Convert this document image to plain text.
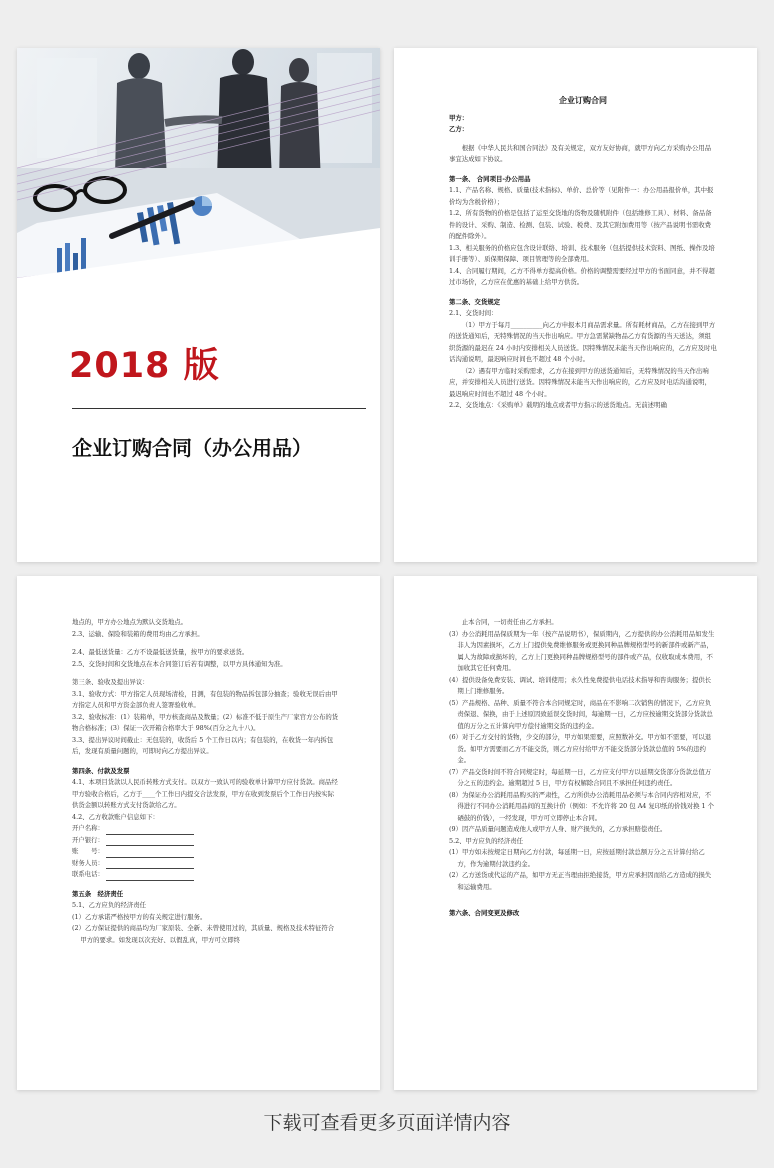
2018 版
企业订购合同（办公用品）
企业订购合同

甲方：

乙方：

根据《中华人民共和国合同法》及有关规定，双方友好协商，就甲方向乙方采购办公用品事宜达成如下协议。

第一条、 合同项目-办公用品

1.1、产品名称、规格、质量(技术指标)、单价、总价等（见附件一：办公用品报价单，其中报价均为含税价格）；

1.2、所有货物的价格是包括了运至交货地的货物及随机附件（包括维修工具）、材料、备品备件的设计、采购、制造、检测、包装、试验、税费、及其它附加费用等（按产品说明书需收费的配件除外）。

1.3、相关服务的价格应包含设计联络、培训、技术服务（包括提供技术资料、图纸、操作及培训手册等）、质保期保障、项目管理等的全部费用。

1.4、合同履行期间，乙方不得单方提高价格。价格的调整需要经过甲方的书面同意，并不得超过市场价，乙方应在优惠的基础上给甲方供货。

第二条、交货规定

2.1、交货时间：

（1）甲方于每月__________向乙方申报本月商品需求量。所有耗材商品，乙方在接到甲方的送货通知后，无特殊情况的当天作出响应。甲方急需紧缺物品乙方有货源的当天送达，须组织货源的最迟在 24 小时内安排相关人员送货。因特殊情况未能当天作出响应的，乙方应及时电话沟通说明，最迟响应时间也不超过 48 个小时。

（2）遇有甲方临时采购需求，乙方在接到甲方的送货通知后，无特殊情况的当天作出响应，并安排相关人员进行送货。因特殊情况未能当天作出响应的，乙方应及时电话沟通说明，最迟响应时间也不超过 48 个小时。

2.2、交货地点：《采购单》载明的地点或者甲方指示的送货地点。无前述明确

地点的，甲方办公地点为默认交货地点。

2.3、运输、保险和装箱的费用均由乙方承担。

2.4、最低送货量：乙方不设最低送货量，按甲方的要求送货。

2.5、交货时间和交货地点在本合同签订后若有调整，以甲方具体通知为准。

第三条、验收及提出异议：

3.1、验收方式：甲方指定人员现场清检，目测，有包装的物品拆包部分抽查；验收无误后由甲方指定人员和甲方资金部负责人签署验收单。

3.2、验收标准：(1）装箱单，甲方核查商品及数量；(2）标准不低于原生产厂家官方公布的货物合格标准；(3）保证一次开箱合格率大于 98%(百分之九十八)。

3.3、提出异议时间截止：无包装的，收货后 5 个工作日以内；有包装的，在收货一年内拆包后，发现有质量问题的，可即时向乙方提出异议。

第四条、付款及发票

4.1、本项目货款以人民币转账方式支付。以双方一致认可的验收单计算甲方应付货款。商品经甲方验收合格后，乙方于____个工作日内提交合法发票，甲方在收到发票后个工作日内按实际供货金额以转账方式支付货款给乙方。

4.2、乙方收款账户信息如下：

开户名称：
开户银行：
账　　号：
财务人员：
联系电话：

第五条　经济责任

5.1、乙方应负的经济责任

(1）乙方承诺严格按甲方的有关规定进行服务。

(2）乙方保证提供的商品均为厂家原装、全新、未曾使用过的，其质量、规格及技术特征符合甲方的要求。如发现以次充好、以假乱真，甲方可立即终

止本合同，一切责任由乙方承担。

(3）办公消耗用品保质期为一年（按产品说明书），保质期内，乙方提供的办公消耗用品如发生非人为因素损坏，乙方上门提供免费维修服务或更换同种品牌规格型号的新部件或新产品，属人为故障或损坏的，乙方上门更换同种品牌规格型号的部件或产品，仅收取成本费用，不加收其它任何费用。

(4）提供设备免费安装、调试、培训使用；永久性免费提供电话技术指导和咨询服务；提供长期上门维修服务。

(5）产品规格、品种、质量不符合本合同规定时，商品在不影响二次销售的情况下，乙方应负责保退、保换，由于上述原因致延误交货时间，每逾期一日，乙方应按逾期交货部分货款总值的万分之五计算向甲方偿付逾期交货的违约金。

(6）对于乙方交付的货物，少交的部分，甲方如果需要，应照数补交。甲方如不需要，可以退货。如甲方需要而乙方不能交货，则乙方应付给甲方不能交货部分货款总值的 5%的违约金。

(7）产品交货时间不符合同规定时，每延期一日，乙方应支付甲方以延期交货部分货款总值万分之五的违约金。逾期超过 5 日，甲方有权解除合同且不承担任何违约责任。

(8）为保证办公消耗用品购买的严肃性，乙方所供办公消耗用品必须与本合同内容相对应，不得进行不同办公消耗用品间的互换计价（例如：不允许将 20 包 A4 复印纸的价钱对换 1 个硒鼓的价钱），一经发现，甲方可立即停止本合同。

(9）因产品质量问题造成他人或甲方人身、财产损失的，乙方承担赔偿责任。

5.2、甲方应负的经济责任

(1）甲方如未按规定日期向乙方付款，每延期一日，应按延期付款总额万分之五计算付给乙方，作为逾期付款违约金。

(2）乙方送货或代运的产品，如甲方无正当理由拒绝接货，甲方应承担因而给乙方造成的损失和运输费用。

第六条、合同变更及修改

下载可查看更多页面详情内容
